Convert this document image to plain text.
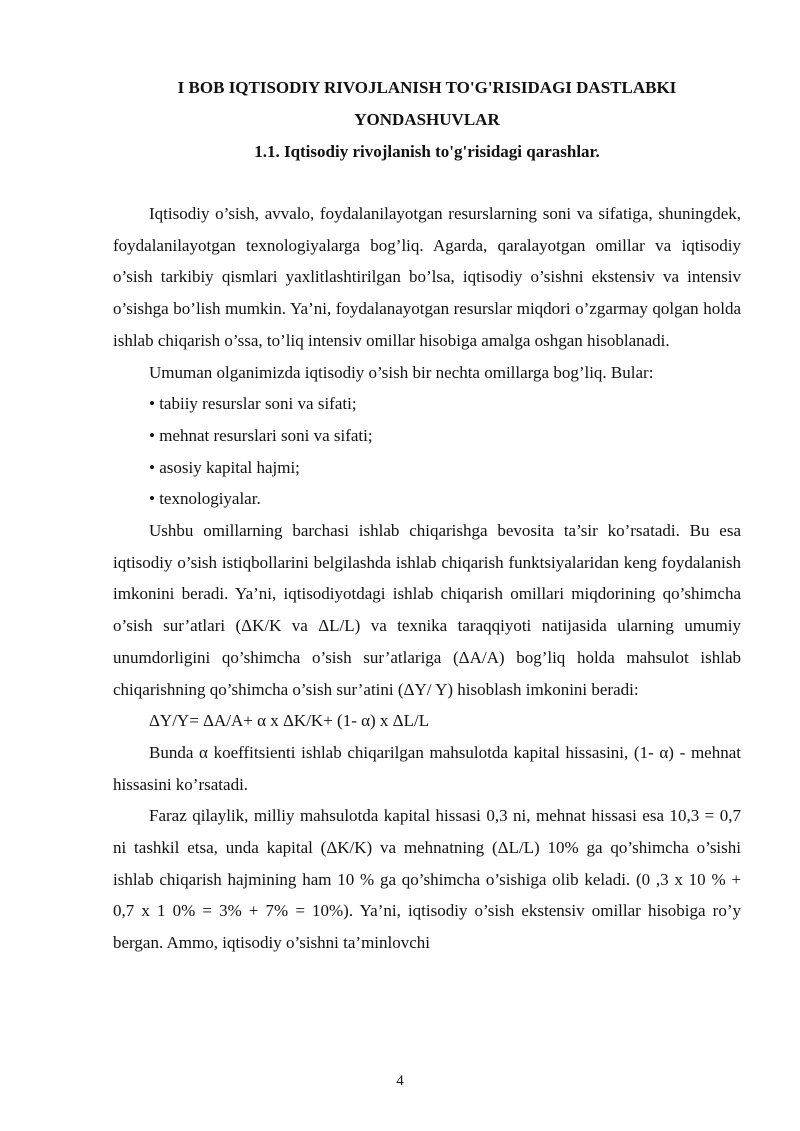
I BOB IQTISODIY RIVOJLANISH TO'G'RISIDAGI DASTLABKI

YONDASHUVLAR

1.1. Iqtisodiy rivojlanish to'g'risidagi qarashlar.

Iqtisodiy o’sish, avvalo, foydalanilayotgan resurslarning soni va sifatiga, shuningdek, foydalanilayotgan texnologiyalarga bog’liq. Agarda, qaralayotgan omillar va iqtisodiy o’sish tarkibiy qismlari yaxlitlashtirilgan bo’lsa, iqtisodiy o’sishni ekstensiv va intensiv o’sishga bo’lish mumkin. Ya’ni, foydalanayotgan resurslar miqdori o’zgarmay qolgan holda ishlab chiqarish o’ssa, to’liq intensiv omillar hisobiga amalga oshgan hisoblanadi.

Umuman olganimizda iqtisodiy o’sish bir nechta omillarga bog’liq. Bular:

• tabiiy resurslar soni va sifati;

• mehnat resurslari soni va sifati;

• asosiy kapital hajmi;

• texnologiyalar.

Ushbu omillarning barchasi ishlab chiqarishga bevosita ta’sir ko’rsatadi. Bu esa iqtisodiy o’sish istiqbollarini belgilashda ishlab chiqarish funktsiyalaridan keng foydalanish imkonini beradi. Ya’ni, iqtisodiyotdagi ishlab chiqarish omillari miqdorining qo’shimcha o’sish sur’atlari (ΔK/K va ΔL/L) va texnika taraqqiyoti natijasida ularning umumiy unumdorligini qo’shimcha o’sish sur’atlariga (ΔA/A) bog’liq holda mahsulot ishlab chiqarishning qo’shimcha o’sish sur’atini (ΔY/ Y) hisoblash imkonini beradi:

ΔY/Y= ΔA/A+ α x ΔK/K+ (1- α) x ΔL/L

Bunda α koeffitsienti ishlab chiqarilgan mahsulotda kapital hissasini, (1- α) - mehnat hissasini ko’rsatadi.

Faraz qilaylik, milliy mahsulotda kapital hissasi 0,3 ni, mehnat hissasi esa 10,3 = 0,7 ni tashkil etsa, unda kapital (ΔK/K) va mehnatning (ΔL/L) 10% ga qo’shimcha o’sishi ishlab chiqarish hajmining ham 10 % ga qo’shimcha o’sishiga olib keladi. (0 ,3 x 10 % + 0,7 x 1 0% = 3% + 7% = 10%). Ya’ni, iqtisodiy o’sish ekstensiv omillar hisobiga ro’y bergan. Ammo, iqtisodiy o’sishni ta’minlovchi

4
